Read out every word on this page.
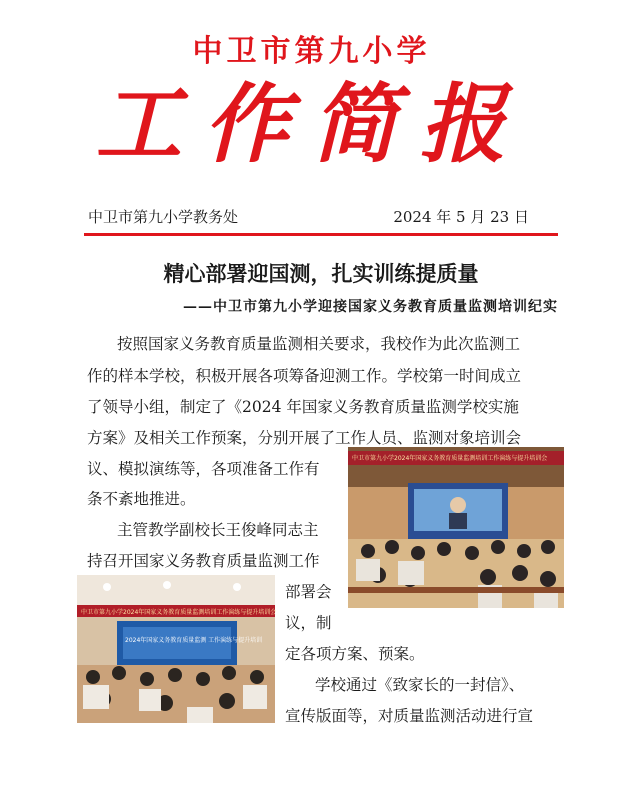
中卫市第九小学
工作简报
中卫市第九小学教务处	2024 年 5 月 23 日
精心部署迎国测，扎实训练提质量
——中卫市第九小学迎接国家义务教育质量监测培训纪实
按照国家义务教育质量监测相关要求，我校作为此次监测工
作的样本学校，积极开展各项筹备迎测工作。学校第一时间成立
了领导小组，制定了《2024 年国家义务教育质量监测学校实施
方案》及相关工作预案，分别开展了工作人员、监测对象培训会
议、模拟演练等，各项准备工作有
条不紊地推进。
主管教学副校长王俊峰同志主
持召开国家义务教育质量监测工作
部署会
议，制
定各项方案、预案。
学校通过《致家长的一封信》、
宣传版面等，对质量监测活动进行宣
中卫市第九小学2024年国家义务教育质量监测培训工作演练与提升培训会
中卫市第九小学2024年国家义务教育质量监测培训工作演练与提升培训会
2024年国家义务教育质量监测 工作演练与提升培训
